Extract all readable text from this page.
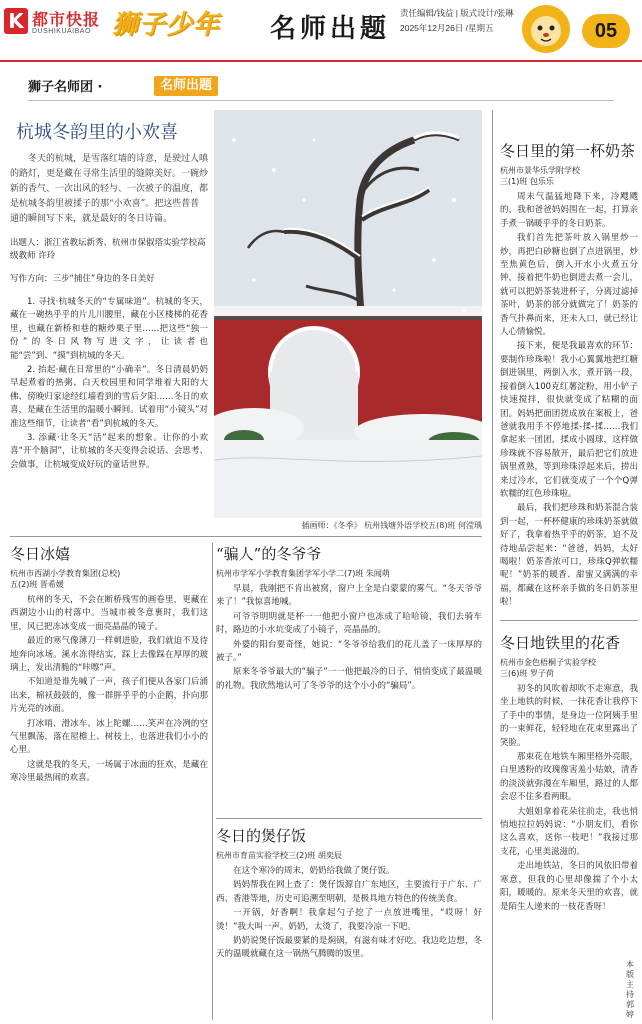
K 都市快报
DUSHIKUAIBAO 狮子少年 名师出题
责任编辑/钱益 | 版式设计/张琳
2025年12月26日 /星期五	05
狮子名师团 ·	名师出题
杭城冬韵里的小欢喜

冬天的杭城，是雪落红墙的诗意，是驶过人嗔的路灯，更是藏在寻常生活里的缝隙美好。一碗炒新的香气、一次出风的轻与、一次被子的温度，都是杭城冬韵里被揉子的那“小欢喜”。把这些普普通的瞬间写下来，就是最好的冬日诗篇。

出题人：浙江省教坛新秀、杭州市保俶塔实验学校高级教师 许玲

写作方向：三步“捕住”身边的冬日美好

1. 寻找·杭城冬天的“专属味道”。杭城的冬天，藏在一碗热乎乎的片儿川腰里，藏在小区楼梯的花香里，也藏在新桥和巷的糖炒栗子里……把这些“独一份”的冬日风物写进文字，让读者也能“尝”到、“摸”到杭城的冬天。

2. 抬起·藏在日常里的“小确幸”。冬日清晨奶奶早起煮着的热粥、白天校园里和同学堆着大阳的大佛、傍晚归家途经红墙看到的雪后夕阳……冬日的欢喜，是藏在生活里的温暖小瞬间。试着用“小镜头”对准这些细节，让读者“看”到杭城的冬天。

3. 添藏·让冬天“活”起来的想象。让你的小欢喜“开个脑洞”，让杭城的冬天变得会说话、会思考、会做事，让杭城变成好玩的童话世界。

插画师：《冬季》 杭州钱塘外语学校五(8)班 何滢瑀
冬日里的第一杯奶茶
杭州市景华乐学附学校
三(1)班 包乐乐

周末气温猛地降下来，冷飕飕的，我和爸爸妈妈围在一起，打算亲手煮一锅暖乎乎的冬日奶茶。

我们首先把茶叶放入锅里炒一炒，再把白砂糖也倒了点进锅里，炒至焦黄色后，倒入开水小火煮五分钟，接着把牛奶也倒进去煮一会儿，就可以把奶茶装进杯子，分离过滤掉茶叶，奶茶的部分就做完了！奶茶的香气扑鼻而来，还未入口，就已经让人心情愉悦。

接下来，便是我最喜欢的环节：要制作珍珠啦！我小心翼翼地把红糖倒进锅里，两倒入水，煮开锅一段，接着倒入100克红薯淀粉，用小铲子快速搅拌，很快就变成了粘糊的面团。妈妈把面团搓成放在案板上，爸爸就我用手不停地揉-揉-揉……我们拿起来一团团，揉成小圆球，这样做珍珠就不容易散开，最后把它们放进锅里煮熟，等到珍珠浮起来后，捞出来过冷水，它们就变成了一个个Q弹软糯的红色珍珠啦。

最后，我们把珍珠和奶茶混合装到一起，一杯杯健康的珍珠奶茶就做好了，我拿着热乎乎的奶茶，迫不及待地品尝起来：“爸爸，妈妈，太好喝啦！奶茶香浓可口，珍珠Q弹软糯呢！”奶茶的暖香、甜蜜又满满的幸福，都藏在这杯亲手做的冬日奶茶里啦！

冬日地铁里的花香
杭州市金色梧桐子实验学校
三(6)班 罗子荷

初冬的风吹着却吹不走寒意，我坐上地铁的时候，一抹花香让我停下了手中的事情，是身边一位阿姨手里的一束鲜花，轻轻地在花束里露出了笑脸。

那束花在地铁车厢里格外亮眼，白里透粉的玫瑰像害羞小姑娘，清香的淡淡就弥漫在车厢里，路过的人都会忍不住多看两眼。

大姐姐拿着花朵往前走，我也悄悄地拉拉妈妈说：“小朋友们，看你这么喜欢，送你一枝吧！”我接过那支花，心里美滋滋的。

走出地铁站，冬日的风依旧带着寒意，但我的心里却像揣了个小太阳，暖暖的。原来冬天里的欢喜，就是陌生人递来的一枝花香呀！

冬日冰嬉
杭州市西湖小学教育集团(总校)
五(2)班 晋希媛

杭州的冬天，不会在断桥残雪的画卷里，更藏在西湖边小山的村落中。当城市被冬意裹时，我们这里，风已把冻冰变成一面亮晶晶的镜子。

最近的寒气像薄刀一样刺进脸，我们就迫不及待地奔向冰场。溪水冻得结实，踩上去像踩在厚厚的玻璃上，发出清脆的“咔嚓”声。

不知道是谁先喊了一声，孩子们便从各家门后涌出来，棉袄鼓鼓的，像一群胖乎乎的小企鹅，扑向那片光亮的冰面。

打冰哨、滑冰车、冰上陀螺……笑声在冷冽的空气里飘荡，落在屋檐上、树枝上，也落进我们小小的心里。

这就是我的冬天，一场属于冰面的狂欢，是藏在寒冷里最热闹的欢喜。

“骗人”的冬爷爷
杭州市学军小学教育集团学军小学二(7)班 朱闻萌

早晨，我刚把不肯出被窝，窗户上全是白蒙蒙的雾气。“冬天爷爷来了！”我惊喜地喊。

可爷爷明明就是杯一一他把小窗户也冻成了哈哈镜，我们去骑车时，路边的小水坑变成了小镜子，亮晶晶的。

外婆的阳台要奇怪，她说：“冬爷爷给我们的花儿盖了一床厚厚的被子。”

原来冬爷爷最大的“骗子”一一他把最冷的日子，悄悄变成了最温暖的礼物。我欣然地认可了冬爷爷的这个小小的“骗局”。

冬日的煲仔饭
杭州市育苗实验学校三(2)班 胡奕辰

在这个寒冷的周末，奶奶给我做了煲仔饭。

妈妈帮我在网上查了：煲仔饭源自广东地区，主要流行于广东、广西、香港等地，历史可追溯至明朝，是极具地方特色的传统美食。

一开锅，好香啊！我拿起勺子挖了一点放进嘴里，“哎呀！好烫！”我大叫一声。奶奶，太烫了，我要冷凉一下吧。

奶奶说煲仔饭最要紧的是焖锅，有滋有味才好吃。我边吃边想，冬天的温暖就藏在这一锅热气腾腾的饭里。

本版主持 郭婷
